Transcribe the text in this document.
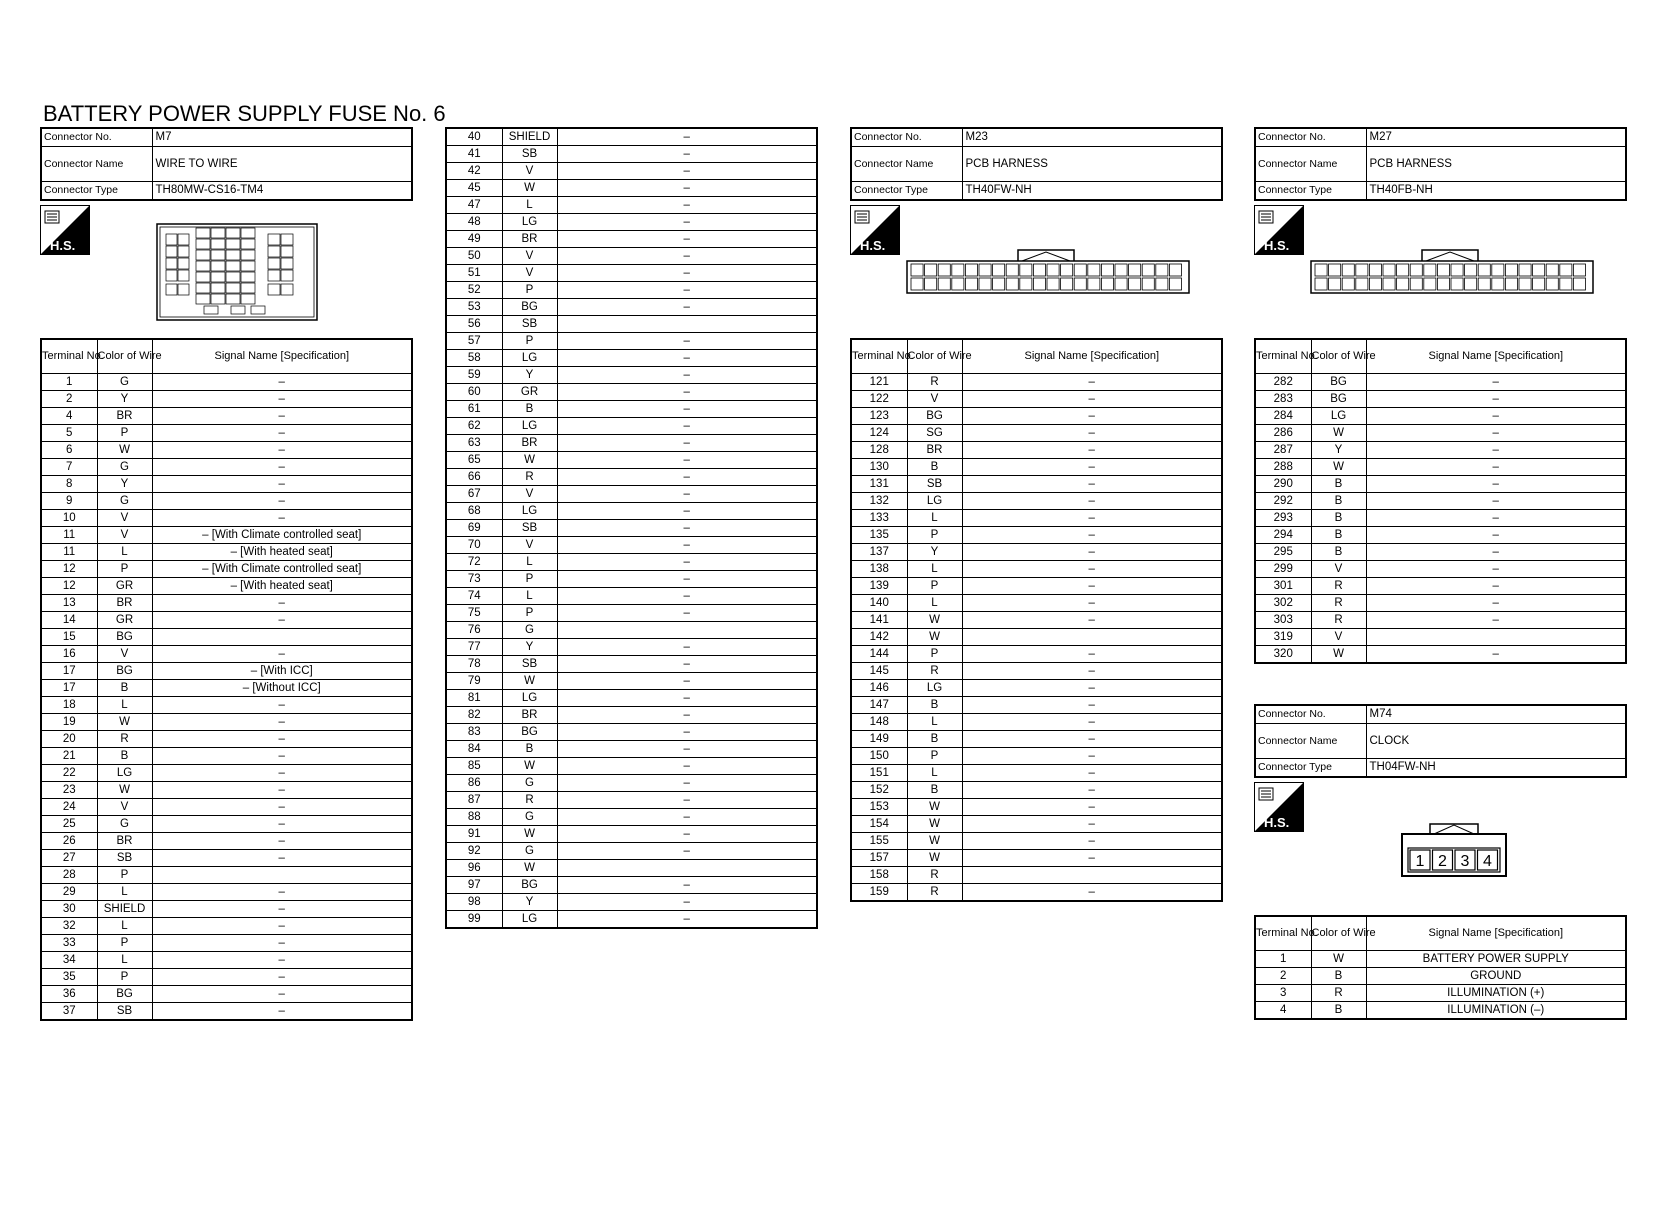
BATTERY POWER SUPPLY FUSE No. 6
Connector No.	M7
Connector Name	WIRE TO WIRE
Connector Type	TH80MW-CS16-TM4
H.S.
Terminal No.	Color of Wire	Signal Name [Specification]
1	G	–
2	Y	–
4	BR	–
5	P	–
6	W	–
7	G	–
8	Y	–
9	G	–
10	V	–
11	V	– [With Climate controlled seat]
11	L	– [With heated seat]
12	P	– [With Climate controlled seat]
12	GR	– [With heated seat]
13	BR	–
14	GR	–
15	BG	
16	V	–
17	BG	– [With ICC]
17	B	– [Without ICC]
18	L	–
19	W	–
20	R	–
21	B	–
22	LG	–
23	W	–
24	V	–
25	G	–
26	BR	–
27	SB	–
28	P	
29	L	–
30	SHIELD	–
32	L	–
33	P	–
34	L	–
35	P	–
36	BG	–
37	SB	–
40	SHIELD	–
41	SB	–
42	V	–
45	W	–
47	L	–
48	LG	–
49	BR	–
50	V	–
51	V	–
52	P	–
53	BG	–
56	SB	
57	P	–
58	LG	–
59	Y	–
60	GR	–
61	B	–
62	LG	–
63	BR	–
65	W	–
66	R	–
67	V	–
68	LG	–
69	SB	–
70	V	–
72	L	–
73	P	–
74	L	–
75	P	–
76	G	
77	Y	–
78	SB	–
79	W	–
81	LG	–
82	BR	–
83	BG	–
84	B	–
85	W	–
86	G	–
87	R	–
88	G	–
91	W	–
92	G	–
96	W	
97	BG	–
98	Y	–
99	LG	–
Connector No.	M23
Connector Name	PCB HARNESS
Connector Type	TH40FW-NH
H.S.
Terminal No.	Color of Wire	Signal Name [Specification]
121	R	–
122	V	–
123	BG	–
124	SG	–
128	BR	–
130	B	–
131	SB	–
132	LG	–
133	L	–
135	P	–
137	Y	–
138	L	–
139	P	–
140	L	–
141	W	–
142	W	
144	P	–
145	R	–
146	LG	–
147	B	–
148	L	–
149	B	–
150	P	–
151	L	–
152	B	–
153	W	–
154	W	–
155	W	–
157	W	–
158	R	
159	R	–
Connector No.	M27
Connector Name	PCB HARNESS
Connector Type	TH40FB-NH
H.S.
Terminal No.	Color of Wire	Signal Name [Specification]
282	BG	–
283	BG	–
284	LG	–
286	W	–
287	Y	–
288	W	–
290	B	–
292	B	–
293	B	–
294	B	–
295	B	–
299	V	–
301	R	–
302	R	–
303	R	–
319	V	
320	W	–
Connector No.	M74
Connector Name	CLOCK
Connector Type	TH04FW-NH
H.S.
1 2 3 4
Terminal No.	Color of Wire	Signal Name [Specification]
1	W	BATTERY POWER SUPPLY
2	B	GROUND
3	R	ILLUMINATION (+)
4	B	ILLUMINATION (–)
